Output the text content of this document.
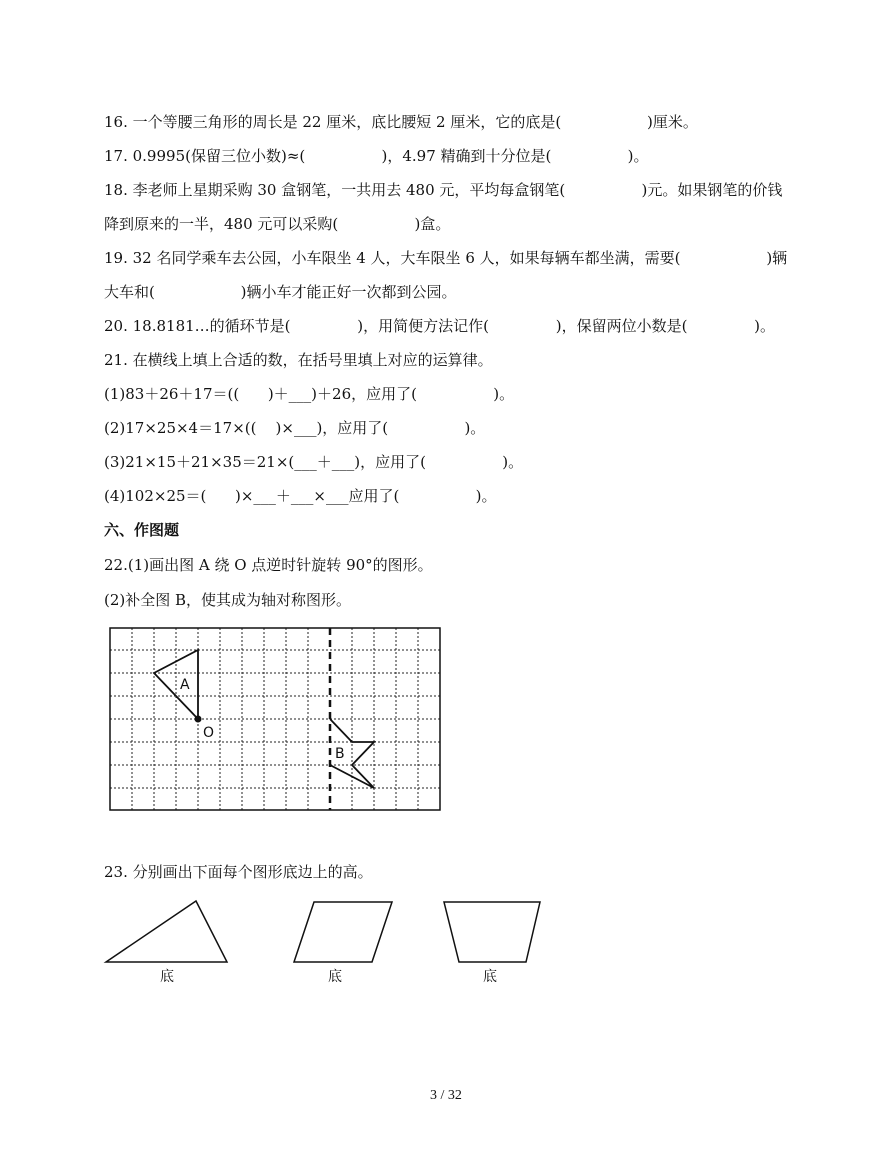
16. 一个等腰三角形的周长是 22 厘米，底比腰短 2 厘米，它的底是(                  )厘米。
17. 0.9995(保留三位小数)≈(                )，4.97 精确到十分位是(                )。
18. 李老师上星期采购 30 盒钢笔，一共用去 480 元，平均每盒钢笔(                )元。如果钢笔的价钱
降到原来的一半，480 元可以采购(                )盒。
19. 32 名同学乘车去公园，小车限坐 4 人，大车限坐 6 人，如果每辆车都坐满，需要(                  )辆
大车和(                  )辆小车才能正好一次都到公园。
20. 18.8181…的循环节是(              )，用简便方法记作(              )，保留两位小数是(              )。
21. 在横线上填上合适的数，在括号里填上对应的运算律。
(1)83＋26＋17＝((      )＋___)＋26，应用了(                )。
(2)17×25×4＝17×((    )×___)，应用了(                )。
(3)21×15＋21×35＝21×(___＋___)，应用了(                )。
(4)102×25＝(      )×___＋___×___应用了(                )。
六、作图题
22.(1)画出图 A 绕 O 点逆时针旋转 90°的图形。
(2)补全图 B，使其成为轴对称图形。
23. 分别画出下面每个图形底边上的高。
A
O
B
底	底	底
3 / 32
